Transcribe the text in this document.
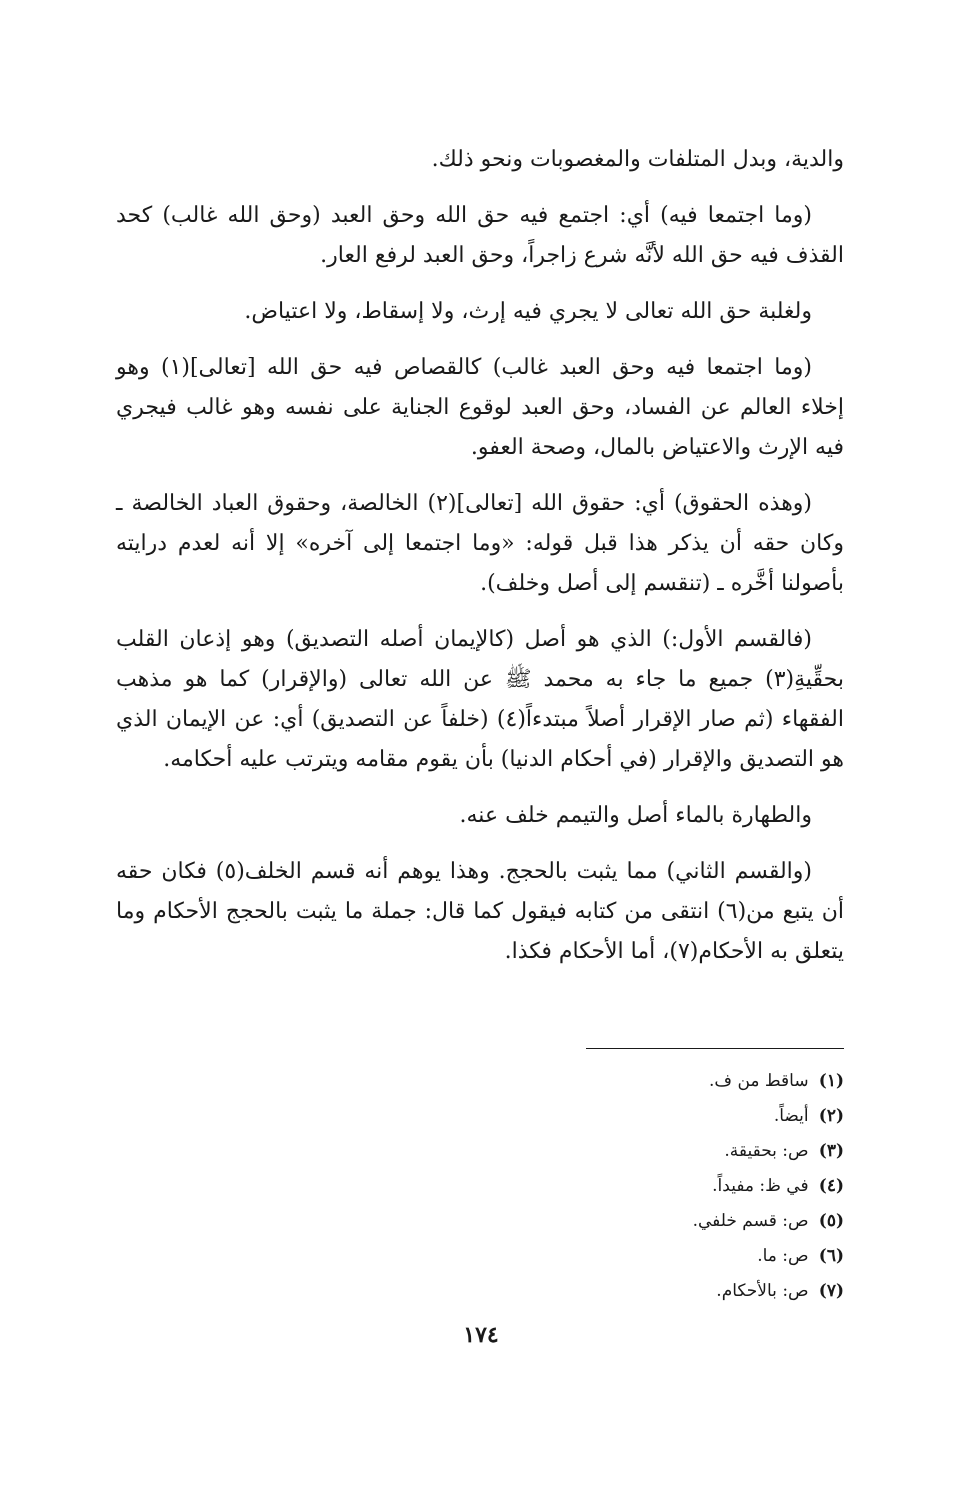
والدية، وبدل المتلفات والمغصوبات ونحو ذلك.

(وما اجتمعا فيه) أي: اجتمع فيه حق الله وحق العبد (وحق الله غالب) كحد القذف فيه حق الله لأنَّه شرع زاجراً، وحق العبد لرفع العار.

ولغلبة حق الله تعالى لا يجري فيه إرث، ولا إسقاط، ولا اعتياض.

(وما اجتمعا فيه وحق العبد غالب) كالقصاص فيه حق الله [تعالى](١) وهو إخلاء العالم عن الفساد، وحق العبد لوقوع الجناية على نفسه وهو غالب فيجري فيه الإرث والاعتياض بالمال، وصحة العفو.

(وهذه الحقوق) أي: حقوق الله [تعالى](٢) الخالصة، وحقوق العباد الخالصة ـ وكان حقه أن يذكر هذا قبل قوله: «وما اجتمعا إلى آخره» إلا أنه لعدم درايته بأصولنا أخَّره ـ (تنقسم إلى أصل وخلف).

(فالقسم الأول:) الذي هو أصل (كالإيمان أصله التصديق) وهو إذعان القلب بحقِّيةِ(٣) جميع ما جاء به محمد ﷺ عن الله تعالى (والإقرار) كما هو مذهب الفقهاء (ثم صار الإقرار أصلاً مبتدءاً(٤) (خلفاً عن التصديق) أي: عن الإيمان الذي هو التصديق والإقرار (في أحكام الدنيا) بأن يقوم مقامه ويترتب عليه أحكامه.

والطهارة بالماء أصل والتيمم خلف عنه.

(والقسم الثاني) مما يثبت بالحجج. وهذا يوهم أنه قسم الخلف(٥) فكان حقه أن يتبع من(٦) انتقى من كتابه فيقول كما قال: جملة ما يثبت بالحجج الأحكام وما يتعلق به الأحكام(٧)، أما الأحكام فكذا.

(١) ساقط من ف.
(٢) أيضاً.
(٣) ص: بحقيقة.
(٤) في ظ: مفيداً.
(٥) ص: قسم خلفي.
(٦) ص: ما.
(٧) ص: بالأحكام.
١٧٤
